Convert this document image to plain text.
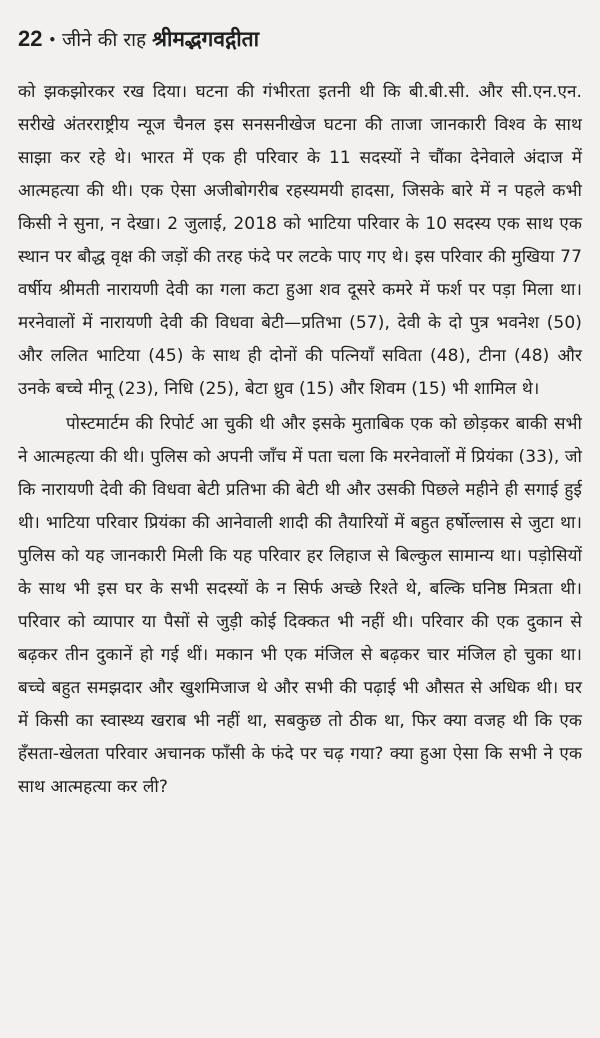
22 • जीने की राह श्रीमद्भगवद्गीता

को झकझोरकर रख दिया। घटना की गंभीरता इतनी थी कि बी.बी.सी. और सी.एन.एन. सरीखे अंतरराष्ट्रीय न्यूज चैनल इस सनसनीखेज घटना की ताजा जानकारी विश्व के साथ साझा कर रहे थे। भारत में एक ही परिवार के 11 सदस्यों ने चौंका देनेवाले अंदाज में आत्महत्या की थी। एक ऐसा अजीबोगरीब रहस्यमयी हादसा, जिसके बारे में न पहले कभी किसी ने सुना, न देखा। 2 जुलाई, 2018 को भाटिया परिवार के 10 सदस्य एक साथ एक स्थान पर बौद्ध वृक्ष की जड़ों की तरह फंदे पर लटके पाए गए थे। इस परिवार की मुखिया 77 वर्षीय श्रीमती नारायणी देवी का गला कटा हुआ शव दूसरे कमरे में फर्श पर पड़ा मिला था। मरनेवालों में नारायणी देवी की विधवा बेटी—प्रतिभा (57), देवी के दो पुत्र भवनेश (50) और ललित भाटिया (45) के साथ ही दोनों की पत्नियाँ सविता (48), टीना (48) और उनके बच्चे मीनू (23), निधि (25), बेटा ध्रुव (15) और शिवम (15) भी शामिल थे।

पोस्टमार्टम की रिपोर्ट आ चुकी थी और इसके मुताबिक एक को छोड़कर बाकी सभी ने आत्महत्या की थी। पुलिस को अपनी जाँच में पता चला कि मरनेवालों में प्रियंका (33), जो कि नारायणी देवी की विधवा बेटी प्रतिभा की बेटी थी और उसकी पिछले महीने ही सगाई हुई थी। भाटिया परिवार प्रियंका की आनेवाली शादी की तैयारियों में बहुत हर्षोल्लास से जुटा था। पुलिस को यह जानकारी मिली कि यह परिवार हर लिहाज से बिल्कुल सामान्य था। पड़ोसियों के साथ भी इस घर के सभी सदस्यों के न सिर्फ अच्छे रिश्ते थे, बल्कि घनिष्ठ मित्रता थी। परिवार को व्यापार या पैसों से जुड़ी कोई दिक्कत भी नहीं थी। परिवार की एक दुकान से बढ़कर तीन दुकानें हो गई थीं। मकान भी एक मंजिल से बढ़कर चार मंजिल हो चुका था। बच्चे बहुत समझदार और खुशमिजाज थे और सभी की पढ़ाई भी औसत से अधिक थी। घर में किसी का स्वास्थ्य खराब भी नहीं था, सबकुछ तो ठीक था, फिर क्या वजह थी कि एक हँसता-खेलता परिवार अचानक फाँसी के फंदे पर चढ़ गया? क्या हुआ ऐसा कि सभी ने एक साथ आत्महत्या कर ली?
